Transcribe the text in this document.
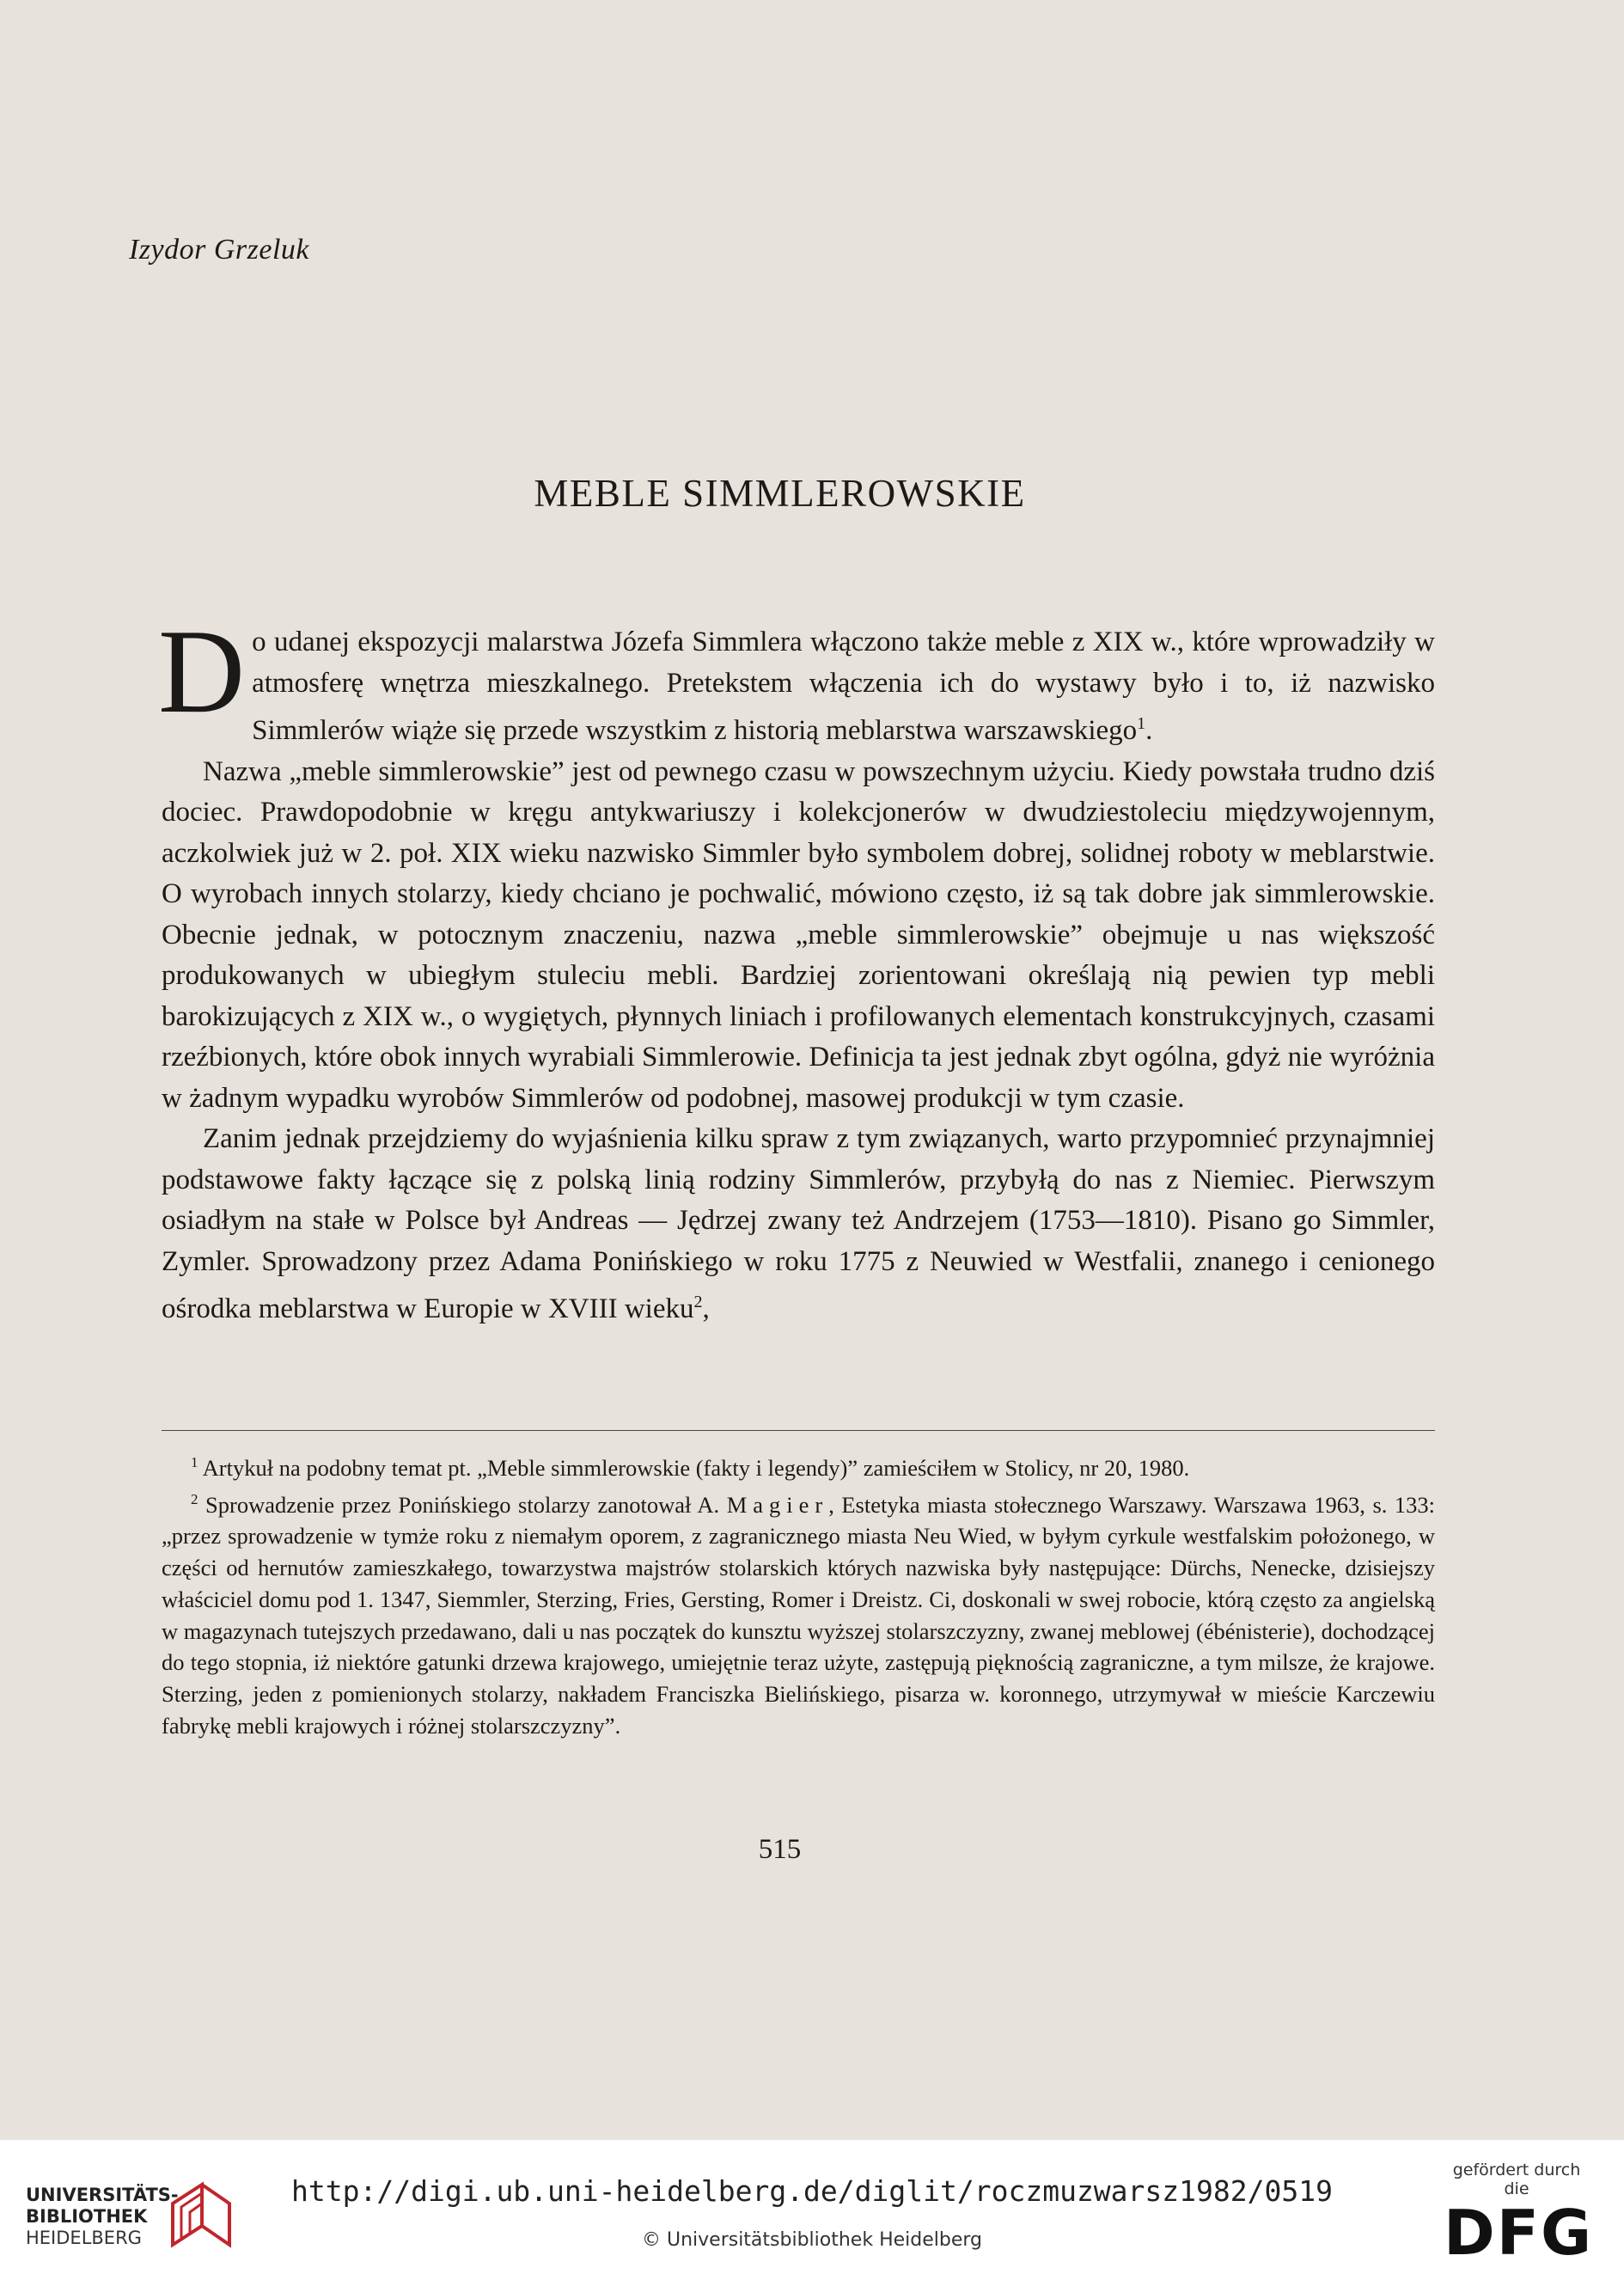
Izydor Grzeluk
MEBLE SIMMLEROWSKIE

Do udanej ekspozycji malarstwa Józefa Simmlera włączono także meble z XIX w., które wprowadziły w atmosferę wnętrza mieszkalnego. Pretekstem włączenia ich do wystawy było i to, iż nazwisko Simmlerów wiąże się przede wszystkim z historią meblarstwa warszawskiego$^1$.

Nazwa „meble simmlerowskie” jest od pewnego czasu w powszechnym użyciu. Kiedy powstała trudno dziś dociec. Prawdopodobnie w kręgu antykwariuszy i kolekcjonerów w dwudziestoleciu międzywojennym, aczkolwiek już w 2. poł. XIX wieku nazwisko Simmler było symbolem dobrej, solidnej roboty w meblarstwie. O wyrobach innych stolarzy, kiedy chciano je pochwalić, mówiono często, iż są tak dobre jak simmlerowskie. Obecnie jednak, w potocznym znaczeniu, nazwa „meble simmlerowskie” obejmuje u nas większość produkowanych w ubiegłym stuleciu mebli. Bardziej zorientowani określają nią pewien typ mebli barokizujących z XIX w., o wygiętych, płynnych liniach i profilowanych elementach konstrukcyjnych, czasami rzeźbionych, które obok innych wyrabiali Simmlerowie. Definicja ta jest jednak zbyt ogólna, gdyż nie wyróżnia w żadnym wypadku wyrobów Simmlerów od podobnej, masowej produkcji w tym czasie.

Zanim jednak przejdziemy do wyjaśnienia kilku spraw z tym związanych, warto przypomnieć przynajmniej podstawowe fakty łączące się z polską linią rodziny Simmlerów, przybyłą do nas z Niemiec. Pierwszym osiadłym na stałe w Polsce był Andreas — Jędrzej zwany też Andrzejem (1753—1810). Pisano go Simmler, Zymler. Sprowadzony przez Adama Ponińskiego w roku 1775 z Neuwied w Westfalii, znanego i cenionego ośrodka meblarstwa w Europie w XVIII wieku$^2$,

$^1$ Artykuł na podobny temat pt. „Meble simmlerowskie (fakty i legendy)” zamieściłem w Stolicy, nr 20, 1980.

$^2$ Sprowadzenie przez Ponińskiego stolarzy zanotował A. Magier, Estetyka miasta stołecznego Warszawy. Warszawa 1963, s. 133: „przez sprowadzenie w tymże roku z niemałym oporem, z zagranicznego miasta Neu Wied, w byłym cyrkule westfalskim położonego, w części od hernutów zamieszkałego, towarzystwa majstrów stolarskich których nazwiska były następujące: Dürchs, Nenecke, dzisiejszy właściciel domu pod 1. 1347, Siemmler, Sterzing, Fries, Gersting, Romer i Dreistz. Ci, doskonali w swej robocie, którą często za angielską w magazynach tutejszych przedawano, dali u nas początek do kunsztu wyższej stolarszczyzny, zwanej meblowej (ébénisterie), dochodzącej do tego stopnia, iż niektóre gatunki drzewa krajowego, umiejętnie teraz użyte, zastępują pięknością zagraniczne, a tym milsze, że krajowe. Sterzing, jeden z pomienionych stolarzy, nakładem Franciszka Bielińskiego, pisarza w. koronnego, utrzymywał w mieście Karczewiu fabrykę mebli krajowych i różnej stolarszczyzny”.

515
UNIVERSITÄTS-
BIBLIOTHEK
HEIDELBERG
http://digi.ub.uni-heidelberg.de/diglit/roczmuzwarsz1982/0519
© Universitätsbibliothek Heidelberg
gefördert durch die
DFG
